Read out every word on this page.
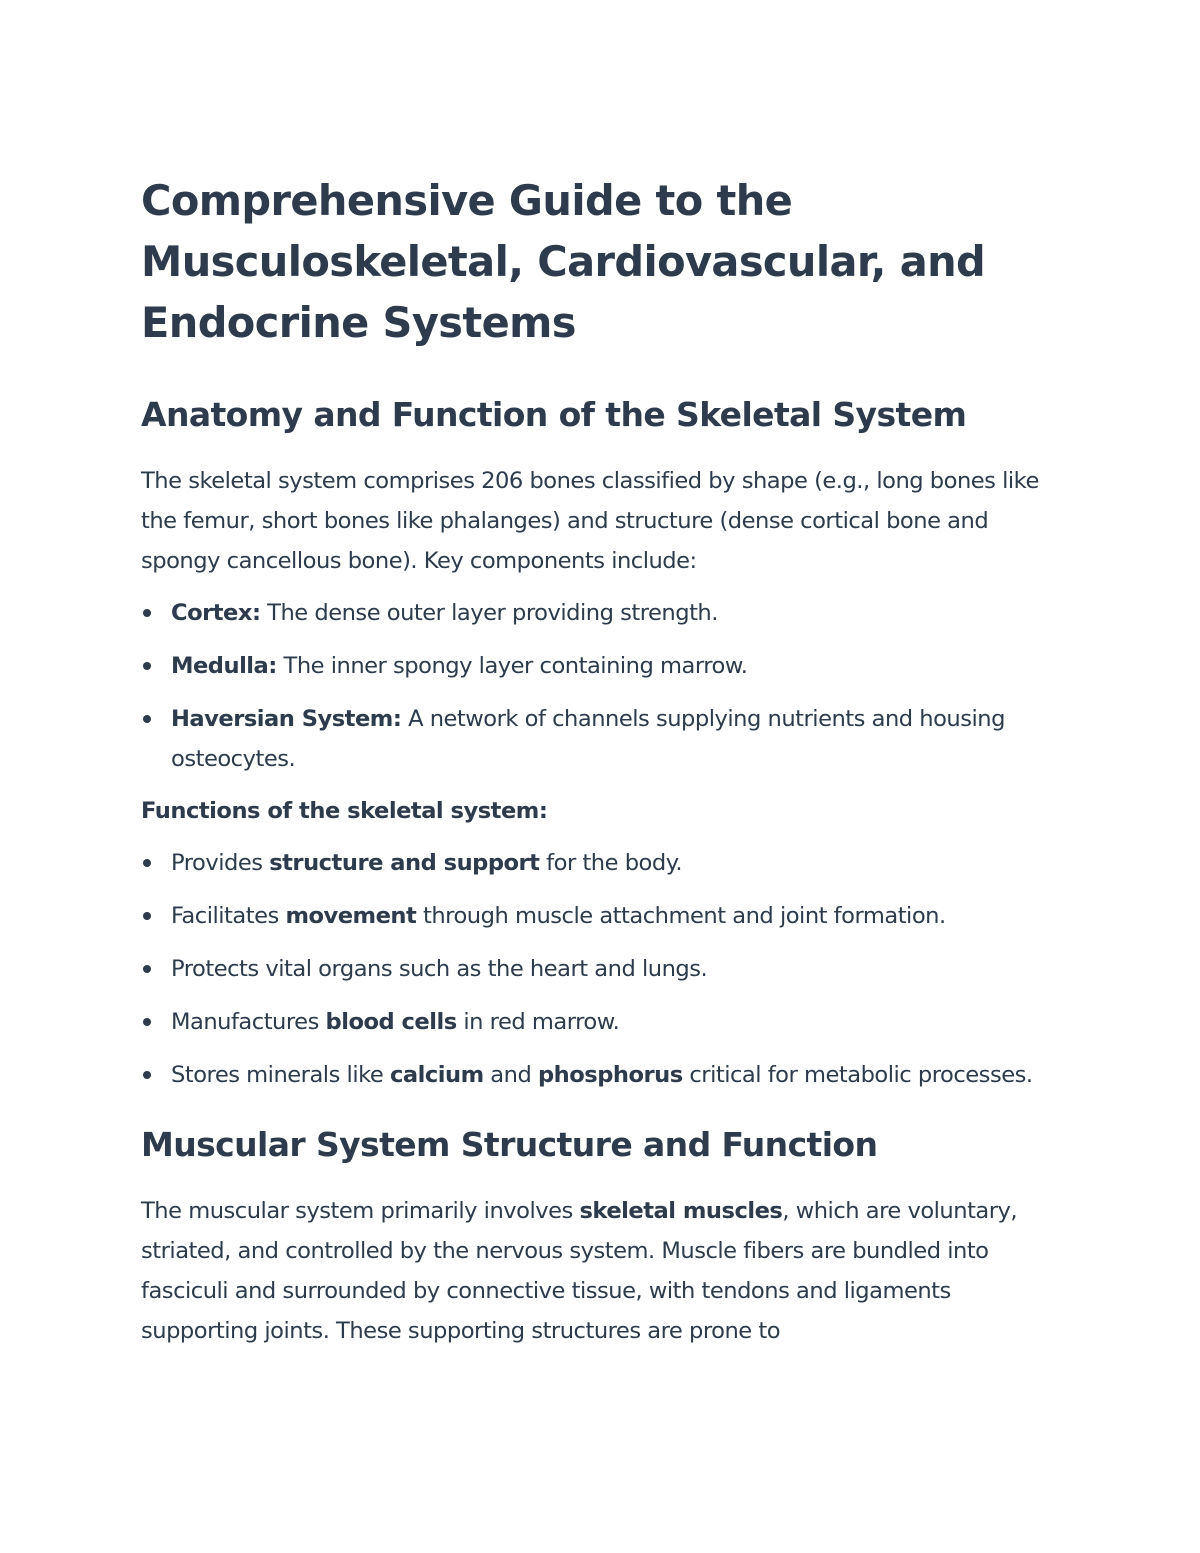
Comprehensive Guide to the Musculoskeletal, Cardiovascular, and Endocrine Systems
Anatomy and Function of the Skeletal System

The skeletal system comprises 206 bones classified by shape (e.g., long bones like the femur, short bones like phalanges) and structure (dense cortical bone and spongy cancellous bone). Key components include:

Cortex: The dense outer layer providing strength.
Medulla: The inner spongy layer containing marrow.
Haversian System: A network of channels supplying nutrients and housing osteocytes.

Functions of the skeletal system:

Provides structure and support for the body.
Facilitates movement through muscle attachment and joint formation.
Protects vital organs such as the heart and lungs.
Manufactures blood cells in red marrow.
Stores minerals like calcium and phosphorus critical for metabolic processes.
Muscular System Structure and Function

The muscular system primarily involves skeletal muscles, which are voluntary, striated, and controlled by the nervous system. Muscle fibers are bundled into fasciculi and surrounded by connective tissue, with tendons and ligaments supporting joints. These supporting structures are prone to
